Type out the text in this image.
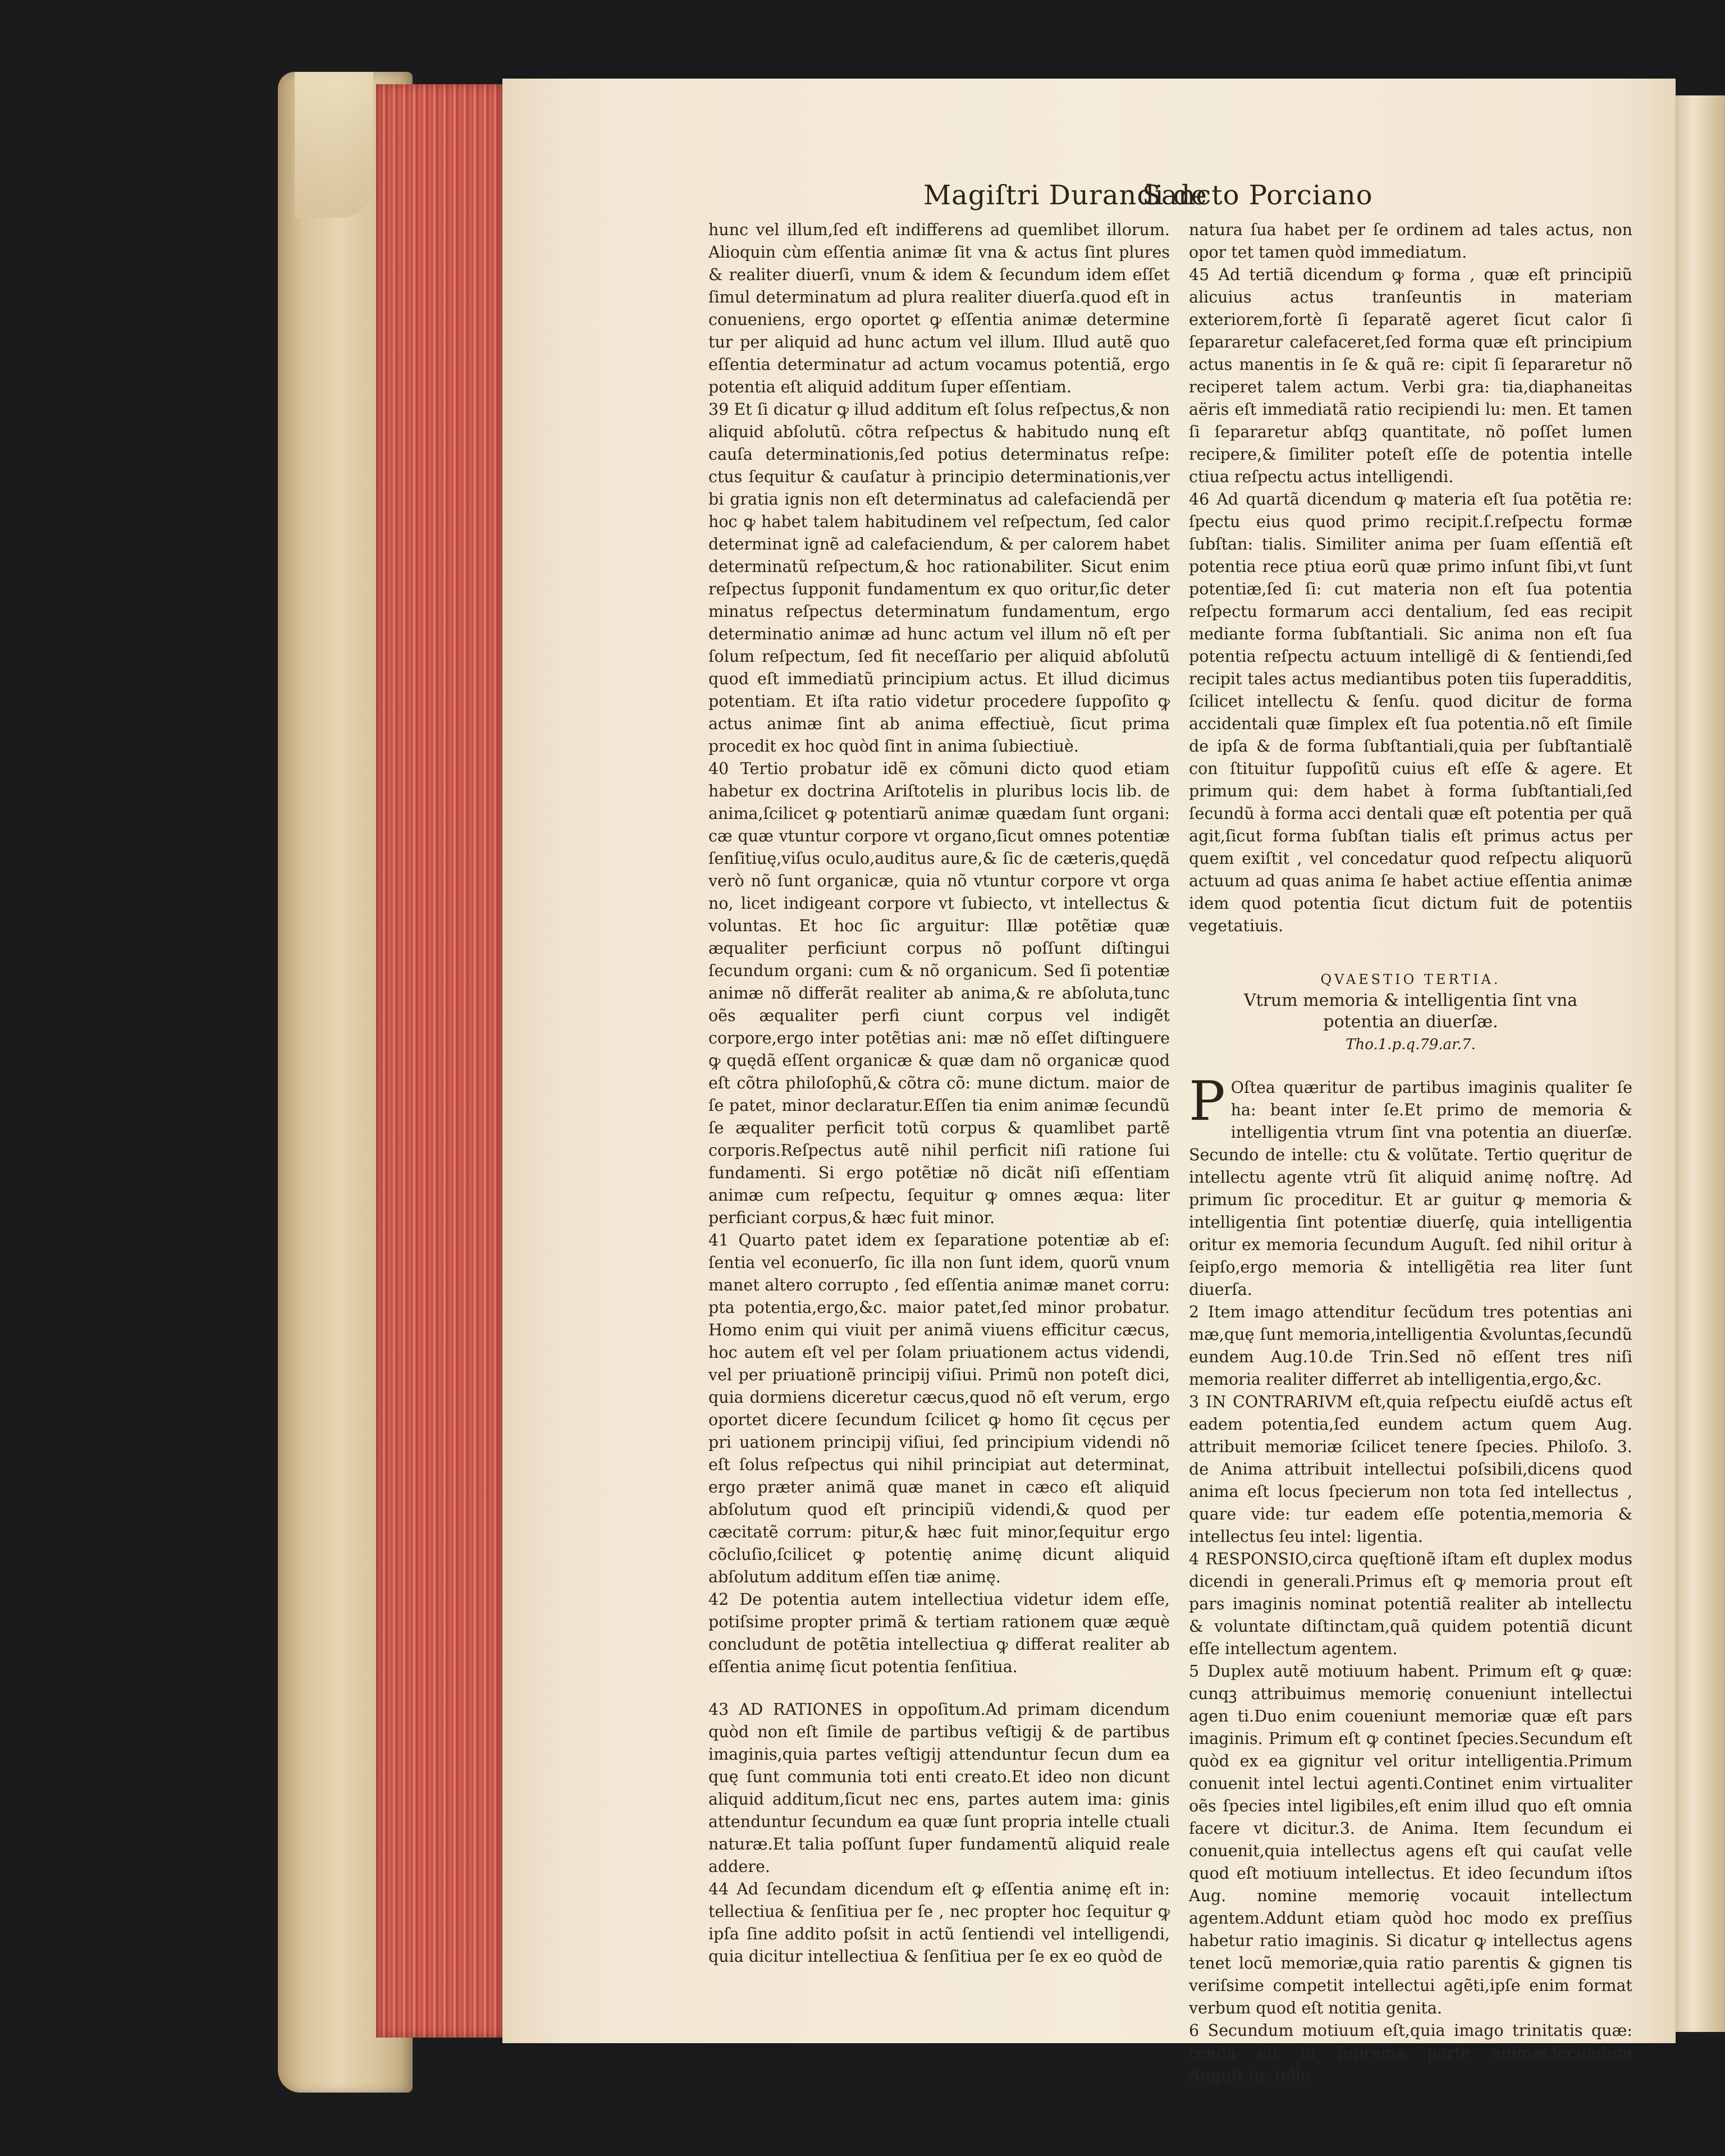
Magiſtri Durandi de
Sancto Porciano

hunc vel illum,ſed eſt indifferens ad quemlibet illorum. Alioquin cùm eſſentia animæ ſit vna & actus ſint plures & realiter diuerſi, vnum & idem & ſecundum idem eſſet ſimul determinatum ad plura realiter diuerſa.quod eſt in conueniens, ergo oportet ꝙ eſſentia animæ determine tur per aliquid ad hunc actum vel illum. Illud autẽ quo eſſentia determinatur ad actum vocamus potentiã, ergo potentia eſt aliquid additum ſuper eſſentiam.

39 Et ſi dicatur ꝙ illud additum eſt ſolus reſpectus,& non aliquid abſolutũ. cõtra reſpectus & habitudo nunꝗ eſt cauſa determinationis,ſed potius determinatus reſpe: ctus ſequitur & cauſatur à principio determinationis,ver bi gratia ignis non eſt determinatus ad calefaciendã per hoc ꝙ habet talem habitudinem vel reſpectum, ſed calor determinat ignẽ ad calefaciendum, & per calorem habet determinatũ reſpectum,& hoc rationabiliter. Sicut enim reſpectus ſupponit fundamentum ex quo oritur,ſic deter minatus reſpectus determinatum fundamentum, ergo determinatio animæ ad hunc actum vel illum nõ eſt per ſolum reſpectum, ſed fit neceſſario per aliquid abſolutũ quod eſt immediatũ principium actus. Et illud dicimus potentiam. Et iſta ratio videtur procedere ſuppoſito ꝙ actus animæ ſint ab anima effectiuè, ſicut prima procedit ex hoc quòd ſint in anima ſubiectiuè.

40 Tertio probatur idẽ ex cõmuni dicto quod etiam habetur ex doctrina Ariſtotelis in pluribus locis lib. de anima,ſcilicet ꝙ potentiarũ animæ quædam ſunt organi: cæ quæ vtuntur corpore vt organo,ſicut omnes potentiæ ſenſitiuę,viſus oculo,auditus aure,& ſic de cæteris,quędã verò nõ ſunt organicæ, quia nõ vtuntur corpore vt orga no, licet indigeant corpore vt ſubiecto, vt intellectus & voluntas. Et hoc ſic arguitur: Illæ potẽtiæ quæ æqualiter perficiunt corpus nõ poſſunt diſtingui ſecundum organi: cum & nõ organicum. Sed ſi potentiæ animæ nõ differãt realiter ab anima,& re abſoluta,tunc oẽs æqualiter perfi ciunt corpus vel indigẽt corpore,ergo inter potẽtias ani: mæ nõ eſſet diſtinguere ꝙ quędã eſſent organicæ & quæ dam nõ organicæ quod eſt cõtra philoſophũ,& cõtra cõ: mune dictum. maior de ſe patet, minor declaratur.Eſſen tia enim animæ ſecundũ ſe æqualiter perficit totũ corpus & quamlibet partẽ corporis.Reſpectus autẽ nihil perficit niſi ratione ſui fundamenti. Si ergo potẽtiæ nõ dicãt niſi eſſentiam animæ cum reſpectu, ſequitur ꝙ omnes æqua: liter perficiant corpus,& hæc fuit minor.

41 Quarto patet idem ex ſeparatione potentiæ ab eſ: ſentia vel econuerſo, ſic illa non ſunt idem, quorũ vnum manet altero corrupto , ſed eſſentia animæ manet corru: pta potentia,ergo,&c. maior patet,ſed minor probatur. Homo enim qui viuit per animã viuens efficitur cæcus, hoc autem eſt vel per ſolam priuationem actus videndi, vel per priuationẽ principij viſiui. Primũ non poteſt dici, quia dormiens diceretur cæcus,quod nõ eſt verum, ergo oportet dicere ſecundum ſcilicet ꝙ homo ſit cęcus per pri uationem principij viſiui, ſed principium videndi nõ eſt ſolus reſpectus qui nihil principiat aut determinat, ergo præter animã quæ manet in cæco eſt aliquid abſolutum quod eſt principiũ videndi,& quod per cæcitatẽ corrum: pitur,& hæc fuit minor,ſequitur ergo cõcluſio,ſcilicet ꝙ potentię animę dicunt aliquid abſolutum additum eſſen tiæ animę.

42 De potentia autem intellectiua videtur idem eſſe, potiſsime propter primã & tertiam rationem quæ æquè concludunt de potẽtia intellectiua ꝙ differat realiter ab eſſentia animę ſicut potentia ſenſitiua.

43 AD RATIONES in oppoſitum.Ad primam dicendum quòd non eſt ſimile de partibus veſtigij & de partibus imaginis,quia partes veſtigij attenduntur ſecun dum ea quę ſunt communia toti enti creato.Et ideo non dicunt aliquid additum,ſicut nec ens, partes autem ima: ginis attenduntur ſecundum ea quæ ſunt propria intelle ctuali naturæ.Et talia poſſunt ſuper fundamentũ aliquid reale addere.

44 Ad ſecundam dicendum eſt ꝙ eſſentia animę eſt in: tellectiua & ſenſitiua per ſe , nec propter hoc ſequitur ꝙ ipſa ſine addito poſsit in actũ ſentiendi vel intelligendi, quia dicitur intellectiua & ſenſitiua per ſe ex eo quòd de

natura ſua habet per ſe ordinem ad tales actus, non opor tet tamen quòd immediatum.

45 Ad tertiã dicendum ꝙ forma , quæ eſt principiũ alicuius actus tranſeuntis in materiam exteriorem,fortè ſi ſeparatẽ ageret ſicut calor ſi ſepararetur calefaceret,ſed forma quæ eſt principium actus manentis in ſe & quã re: cipit ſi ſepararetur nõ reciperet talem actum. Verbi gra: tia,diaphaneitas aëris eſt immediatã ratio recipiendi lu: men. Et tamen ſi ſepararetur abſqꝫ quantitate, nõ poſſet lumen recipere,& ſimiliter poteſt eſſe de potentia intelle ctiua reſpectu actus intelligendi.

46 Ad quartã dicendum ꝙ materia eſt ſua potẽtia re: ſpectu eius quod primo recipit.ſ.reſpectu formæ ſubſtan: tialis. Similiter anima per ſuam eſſentiã eſt potentia rece ptiua eorũ quæ primo inſunt ſibi,vt ſunt potentiæ,ſed ſi: cut materia non eſt ſua potentia reſpectu formarum acci dentalium, ſed eas recipit mediante forma ſubſtantiali. Sic anima non eſt ſua potentia reſpectu actuum intelligẽ di & ſentiendi,ſed recipit tales actus mediantibus poten tiis ſuperadditis, ſcilicet intellectu & ſenſu. quod dicitur de forma accidentali quæ ſimplex eſt ſua potentia.nõ eſt ſimile de ipſa & de forma ſubſtantiali,quia per ſubſtantialẽ con ſtituitur ſuppoſitũ cuius eſt eſſe & agere. Et primum qui: dem habet à forma ſubſtantiali,ſed ſecundũ à forma acci dentali quæ eſt potentia per quã agit,ſicut forma ſubſtan tialis eſt primus actus per quem exiſtit , vel concedatur quod reſpectu aliquorũ actuum ad quas anima ſe habet actiue eſſentia animæ idem quod potentia ſicut dictum fuit de potentiis vegetatiuis.

QVAESTIO TERTIA.
Vtrum memoria & intelligentia ſint vna
potentia an diuerſæ.
Tho.1.p.q.79.ar.7.

P Oſtea quæritur de partibus imaginis qualiter ſe ha: beant inter ſe.Et primo de memoria & intelligentia vtrum ſint vna potentia an diuerſæ. Secundo de intelle: ctu & volũtate. Tertio quęritur de intellectu agente vtrũ ſit aliquid animę noſtrę. Ad primum ſic proceditur. Et ar guitur ꝙ memoria & intelligentia ſint potentiæ diuerſę, quia intelligentia oritur ex memoria ſecundum Auguſt. ſed nihil oritur à ſeipſo,ergo memoria & intelligẽtia rea liter ſunt diuerſa.

2 Item imago attenditur ſecũdum tres potentias ani mæ,quę ſunt memoria,intelligentia &voluntas,ſecundũ eundem Aug.10.de Trin.Sed nõ eſſent tres niſi memoria realiter differret ab intelligentia,ergo,&c.

3 IN CONTRARIVM eſt,quia reſpectu eiuſdẽ actus eſt eadem potentia,ſed eundem actum quem Aug. attribuit memoriæ ſcilicet tenere ſpecies. Philoſo. 3. de Anima attribuit intellectui poſsibili,dicens quod anima eſt locus ſpecierum non tota ſed intellectus , quare vide: tur eadem eſſe potentia,memoria & intellectus ſeu intel: ligentia.

4 RESPONSIO,circa quęſtionẽ iſtam eſt duplex modus dicendi in generali.Primus eſt ꝙ memoria prout eſt pars imaginis nominat potentiã realiter ab intellectu & voluntate diſtinctam,quã quidem potentiã dicunt eſſe intellectum agentem.

5 Duplex autẽ motiuum habent. Primum eſt ꝙ quæ: cunqꝫ attribuimus memorię conueniunt intellectui agen ti.Duo enim coueniunt memoriæ quæ eſt pars imaginis. Primum eſt ꝙ continet ſpecies.Secundum eſt quòd ex ea gignitur vel oritur intelligentia.Primum conuenit intel lectui agenti.Continet enim virtualiter oẽs ſpecies intel ligibiles,eſt enim illud quo eſt omnia facere vt dicitur.3. de Anima. Item ſecundum ei conuenit,quia intellectus agens eſt qui cauſat velle quod eſt motiuum intellectus. Et ideo ſecundum iſtos Aug. nomine memorię vocauit intellectum agentem.Addunt etiam quòd hoc modo ex preſſius habetur ratio imaginis. Si dicatur ꝙ intellectus agens tenet locũ memoriæ,quia ratio parentis & gignen tis veriſsime competit intellectui agẽti,ipſe enim format verbum quod eſt notitia genita.

6 Secundum motiuum eſt,quia imago trinitatis quæ: renda eſt in ſuprema parte animæ,ſecundum Auguſt.in: telle
